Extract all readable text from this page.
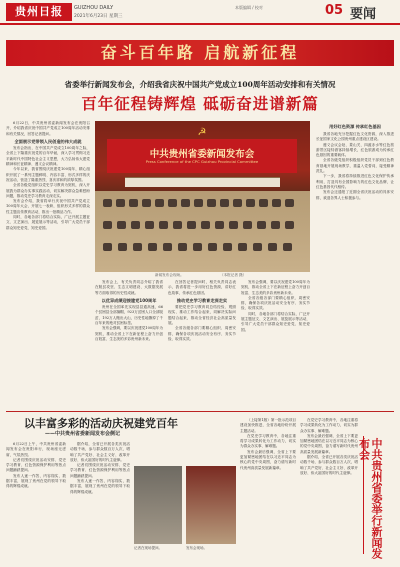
贵州日报	GUIZHOU DAILY
2021年6月23日 星期三
本版编辑 / 校对	05 要闻
奋斗百年路 启航新征程
省委举行新闻发布会，介绍我省庆祝中国共产党成立100周年活动安排和有关情况
百年征程铸辉煌 砥砺奋进谱新篇

6月22日，中共贵州省委新闻发布会在贵阳召开，介绍我省庆祝中国共产党成立100周年活动安排和有关情况，回答记者提问。

全面展示党带领人民创造的伟大成就

发布会指出，在中国共产党成立100周年之际，全省上下隆重庆祝党的百年华诞，深入学习贯彻习近平新时代中国特色社会主义思想，大力弘扬伟大建党精神和长征精神、遵义会议精神。

今年以来，我省围绕庆祝建党100周年，精心组织开展了一系列主题鲜明、内容丰富、形式多样的庆祝活动，营造了隆重热烈、喜庆祥和的浓厚氛围。

全省各级党组织以党史学习教育为契机，深入开展我为群众办实事实践活动，切实解决群众急难愁盼问题，推动党史学习教育走深走实。

发布会介绍，我省将举行庆祝中国共产党成立100周年大会，开展七一表彰，组织形式多样的群众性主题宣传教育活动，推出一批精品力作。

同时，各地各部门将结合实际，广泛开展主题征文、文艺演出、展览展示等活动，引导广大党员干部群众知史爱党、知史爱国。

☭
中共贵州省委新闻发布会
Press Conference of the CPC Guizhou Provincial Committee
新闻发布会现场。	（本报记者 摄）
用好红色资源 传承红色基因

我省各地充分挖掘红色文化资源，深入推进长征国家文化公园贵州重点建设区建设。

遵义会议会址、娄山关、四渡赤水等红色旅游景区接待游客持续增长，红色旅游成为传承红色基因的重要载体。

全省各级党组织积极组织党员干部到红色教育基地开展现场教学，重温入党誓词，接受精神洗礼。

下一步，我省将持续推进红色文化保护传承利用，打造具有全国影响力的红色文化品牌，让红色基因代代相传。

发布会还通报了近期全省庆祝活动的具体安排，欢迎各界人士积极参与。

发布会上，有关负责同志介绍了我省在脱贫攻坚、生态文明建设、大数据发展等方面取得的历史性成就。

以优异成绩迎接建党100周年

贵州在全国率先实现县县通高速，66个贫困县全部摘帽，923万贫困人口全部脱贫，192万人搬出大山，历史性地撕掉了千百年来的绝对贫困标签。

发布会强调，要以庆祝建党100周年为契机，推动全省上下在新征程上奋力开创百姓富、生态美的多彩贵州新未来。

在回答记者提问时，相关负责同志表示，我省将进一步用好红色资源，讲好红色故事，传承红色基因。

推动党史学习教育走深走实

要把党史学习教育同总结经验、观照现实、推动工作结合起来，同解决实际问题结合起来，推动全省经济社会高质量发展。

全省各级各部门要精心组织、周密安排，确保各项庆祝活动安全有序、务实节俭、取得实效。

发布会强调，要以庆祝建党100周年为契机，推动全省上下在新征程上奋力开创百姓富、生态美的多彩贵州新未来。

全省各级各部门要精心组织、周密安排，确保各项庆祝活动安全有序、务实节俭、取得实效。

同时，各地各部门将结合实际，广泛开展主题征文、文艺演出、展览展示等活动，引导广大党员干部群众知史爱党、知史爱国。

以丰富多彩的活动庆祝建党百年
——中共贵州省委新闻发布会侧记

6月22日上午，中共贵州省委新闻发布会在贵阳举行，现场座无虚席，气氛热烈。

记者们围绕庆祝活动安排、党史学习教育、红色资源保护利用等热点问题踊跃提问。

发布人逐一作答，内容翔实，数据丰富，展现了贵州在党的领导下取得的辉煌成就。

据介绍，全省已开展各类庆祝活动数千场，参与群众数百万人次，唱响了共产党好、社会主义好、改革开放好、伟大祖国好的时代主旋律。

记者们围绕庆祝活动安排、党史学习教育、红色资源保护利用等热点问题踊跃提问。

发布人逐一作答，内容翔实，数据丰富，展现了贵州在党的领导下取得的辉煌成就。

记者在现场提问。	发布会现场。

（上接第1版）第一批示范项目建设加快推进，全省各地纷纷开展主题活动。

在党史学习教育中，各地注重将学习成果转化为工作动力，切实为群众办实事、解难题。

发布会最后强调，全省上下要更加紧密地团结在以习近平同志为核心的党中央周围，奋力谱写新时代贵州高质量发展新篇章。

在党史学习教育中，各地注重将学习成果转化为工作动力，切实为群众办实事、解难题。

发布会最后强调，全省上下要更加紧密地团结在以习近平同志为核心的党中央周围，奋力谱写新时代贵州高质量发展新篇章。

据介绍，全省已开展各类庆祝活动数千场，参与群众数百万人次，唱响了共产党好、社会主义好、改革开放好、伟大祖国好的时代主旋律。	中共贵州省委举行新闻发布会
